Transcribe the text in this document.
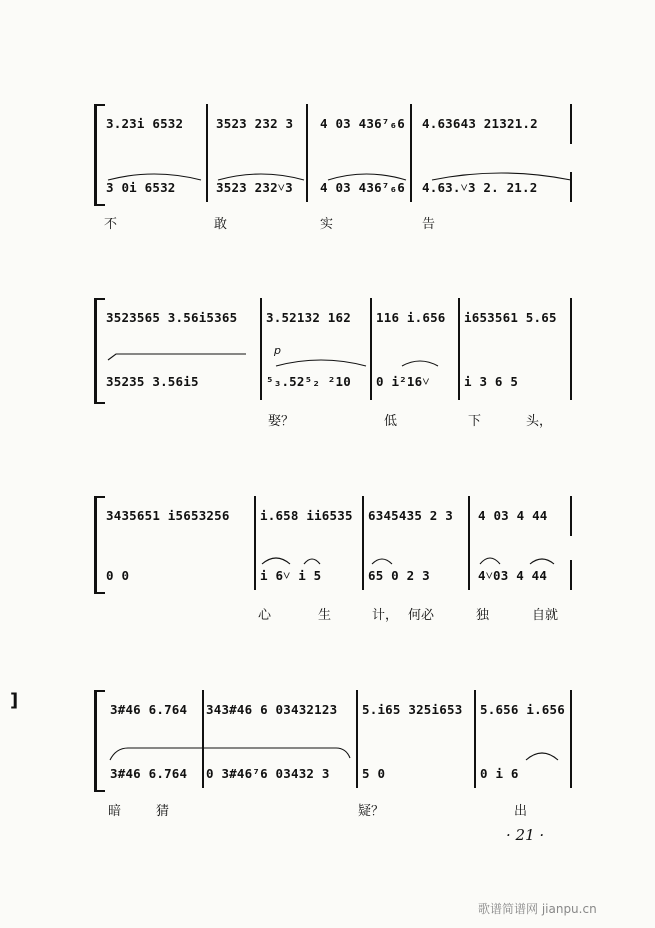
3.23i 6532	3523 232 3 4 03 436⁷₆6 4.63643 21321.2
3 0i 6532	3523 232˅3 4 03 436⁷₆6 4.63.˅3 2. 21.2
不	敢	实	告
3523565 3.56i5365 3.52132 162 116 i.656 i653561 5.65
p
35235 3.56i5	⁵₃.52⁵₂ ²10 0 i²16˅	i 3 6 5
娶？	低	下	头，
3435651 i5653256 i.658 ii6535 6345435 2 3 4 03 4 44
0 0	i 6˅ i 5	65 0 2 3	4˅03 4 44
心	生	计， 何必	独	自就
3#46 6.764 343#46 6 03432123 5.i65 325i653 5.656 i.656
3#46 6.764 0 3#46⁷6 03432 3	5 0	0 i 6
暗	猜	疑？	出
]
· 21 ·
歌谱简谱网 jianpu.cn
